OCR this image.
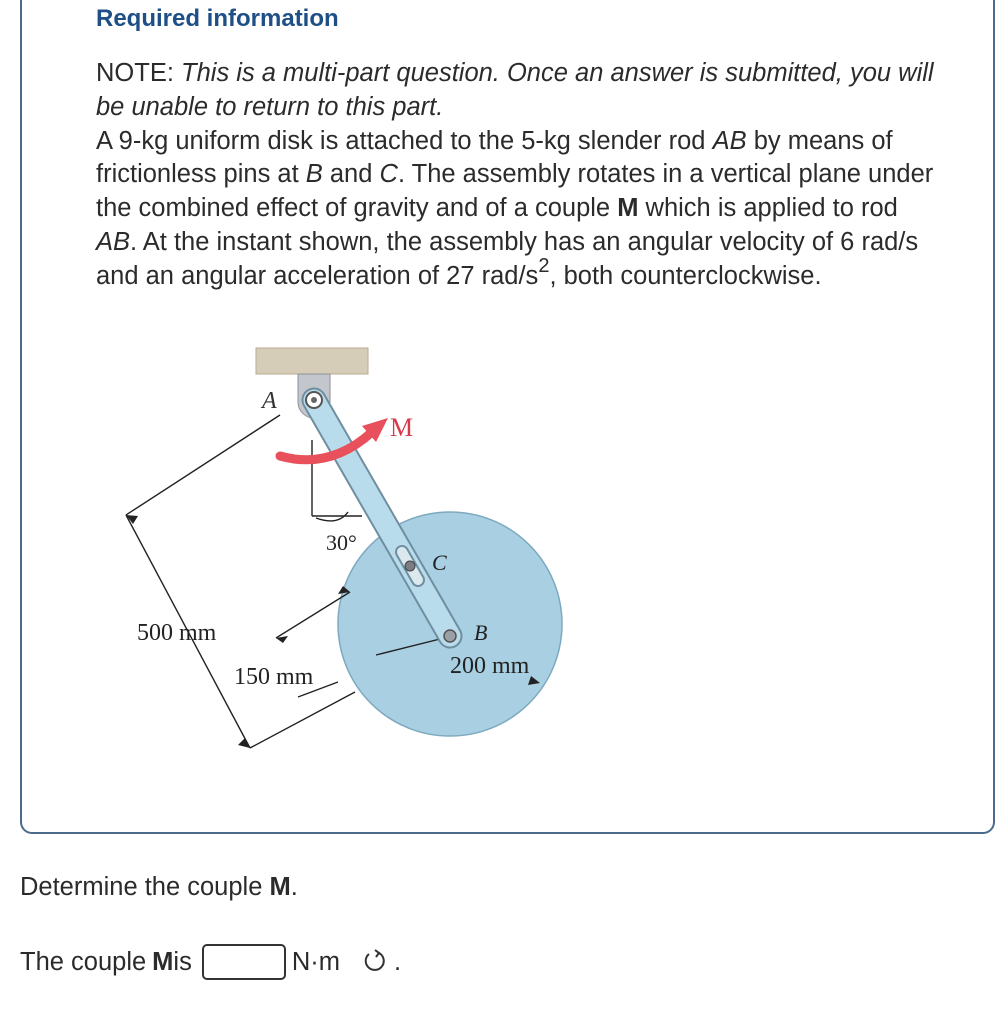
Required information

NOTE: This is a multi-part question. Once an answer is submitted, you will be unable to return to this part.

A 9-kg uniform disk is attached to the 5-kg slender rod AB by means of frictionless pins at B and C. The assembly rotates in a vertical plane under the combined effect of gravity and of a couple M which is applied to rod AB. At the instant shown, the assembly has an angular velocity of 6 rad/s and an angular acceleration of 27 rad/$s^2$, both counterclockwise.

A
M
30°
C
B
500 mm
150 mm	200 mm

Determine the couple M.

The couple M is	N·m .
